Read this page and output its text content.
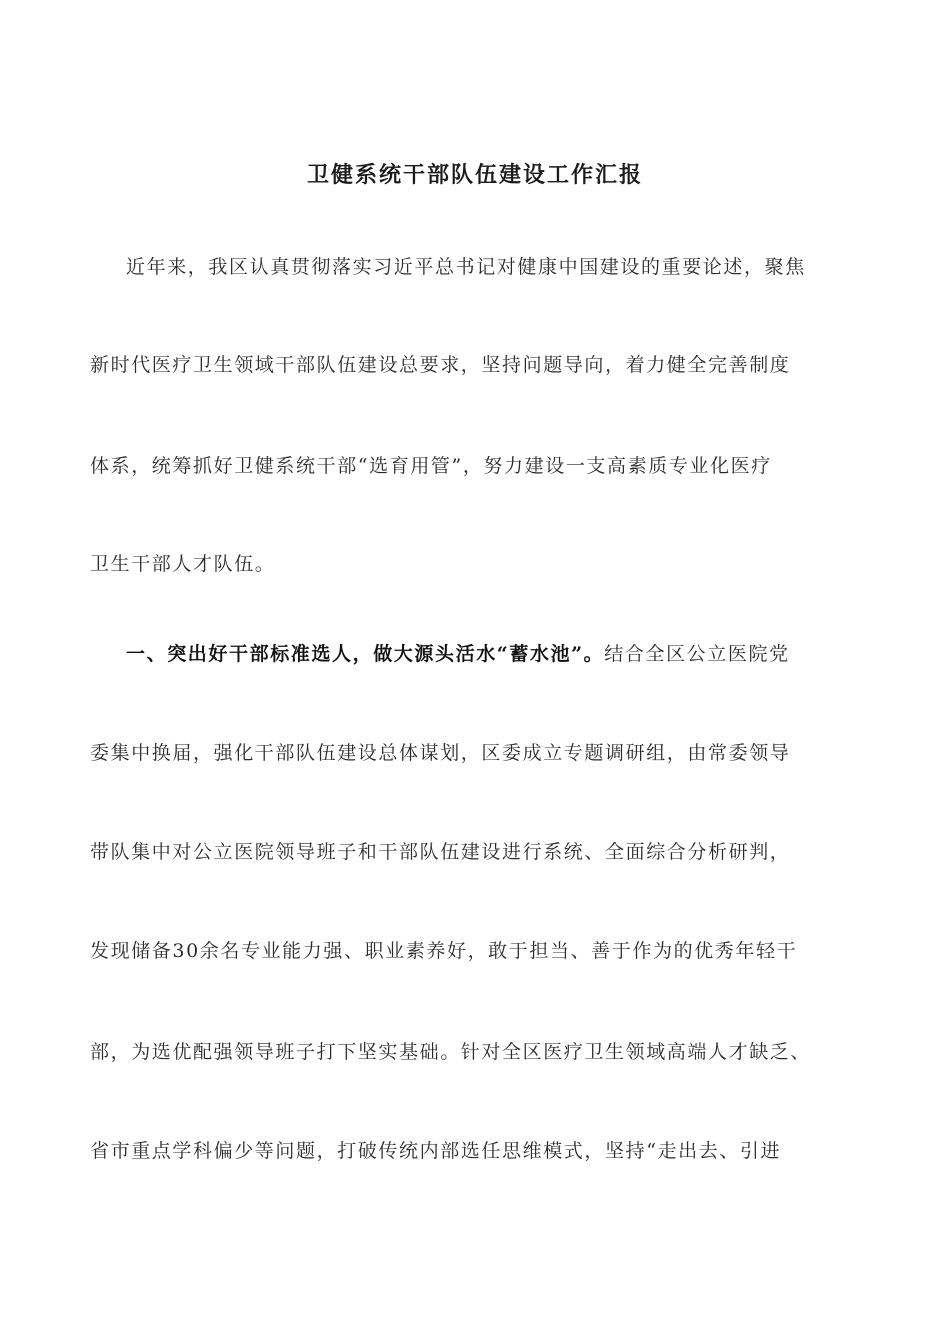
卫健系统干部队伍建设工作汇报
近年来，我区认真贯彻落实习近平总书记对健康中国建设的重要论述，聚焦
新时代医疗卫生领域干部队伍建设总要求，坚持问题导向，着力健全完善制度
体系，统筹抓好卫健系统干部“选育用管”，努力建设一支高素质专业化医疗
卫生干部人才队伍。
一、突出好干部标准选人，做大源头活水“蓄水池”。结合全区公立医院党
委集中换届，强化干部队伍建设总体谋划，区委成立专题调研组，由常委领导
带队集中对公立医院领导班子和干部队伍建设进行系统、全面综合分析研判，
发现储备30余名专业能力强、职业素养好，敢于担当、善于作为的优秀年轻干
部，为选优配强领导班子打下坚实基础。针对全区医疗卫生领域高端人才缺乏、
省市重点学科偏少等问题，打破传统内部选任思维模式，坚持“走出去、引进
